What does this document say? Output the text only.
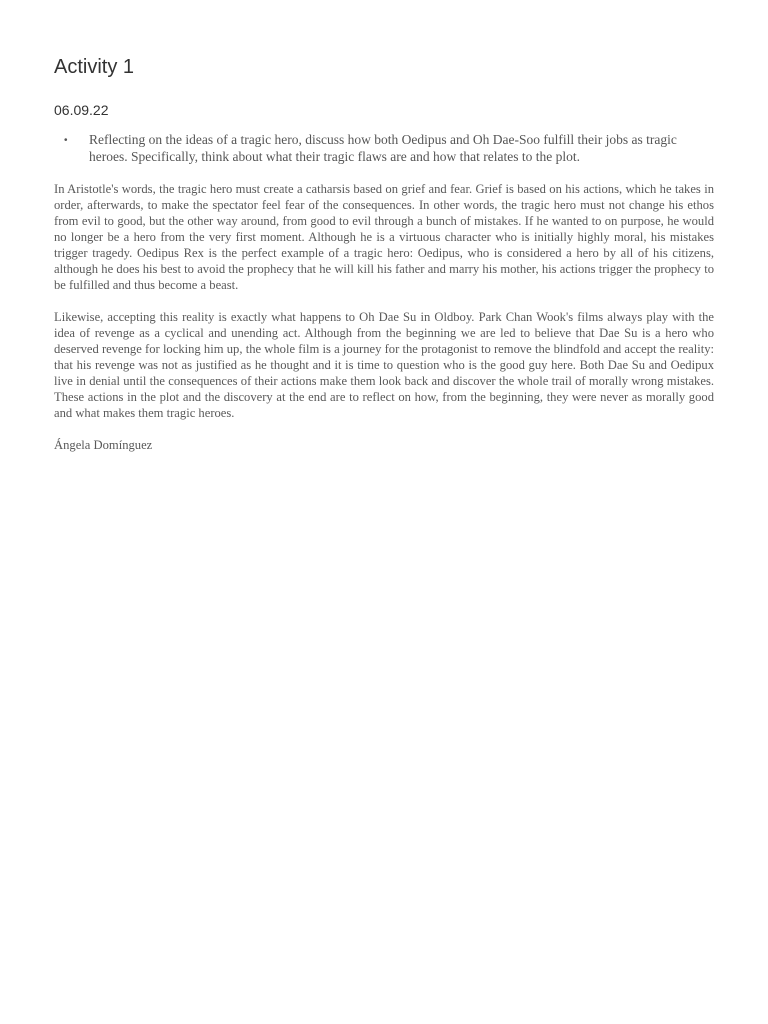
Activity 1

06.09.22

• Reflecting on the ideas of a tragic hero, discuss how both Oedipus and Oh Dae-Soo fulfill their jobs as tragic heroes. Specifically, think about what their tragic flaws are and how that relates to the plot.

In Aristotle's words, the tragic hero must create a catharsis based on grief and fear. Grief is based on his actions, which he takes in order, afterwards, to make the spectator feel fear of the consequences. In other words, the tragic hero must not change his ethos from evil to good, but the other way around, from good to evil through a bunch of mistakes. If he wanted to on purpose, he would no longer be a hero from the very first moment. Although he is a virtuous character who is initially highly moral, his mistakes trigger tragedy. Oedipus Rex is the perfect example of a tragic hero: Oedipus, who is considered a hero by all of his citizens, although he does his best to avoid the prophecy that he will kill his father and marry his mother, his actions trigger the prophecy to be fulfilled and thus become a beast.

Likewise, accepting this reality is exactly what happens to Oh Dae Su in Oldboy. Park Chan Wook's films always play with the idea of revenge as a cyclical and unending act. Although from the beginning we are led to believe that Dae Su is a hero who deserved revenge for locking him up, the whole film is a journey for the protagonist to remove the blindfold and accept the reality: that his revenge was not as justified as he thought and it is time to question who is the good guy here. Both Dae Su and Oedipux live in denial until the consequences of their actions make them look back and discover the whole trail of morally wrong mistakes. These actions in the plot and the discovery at the end are to reflect on how, from the beginning, they were never as morally good and what makes them tragic heroes.

Ángela Domínguez
